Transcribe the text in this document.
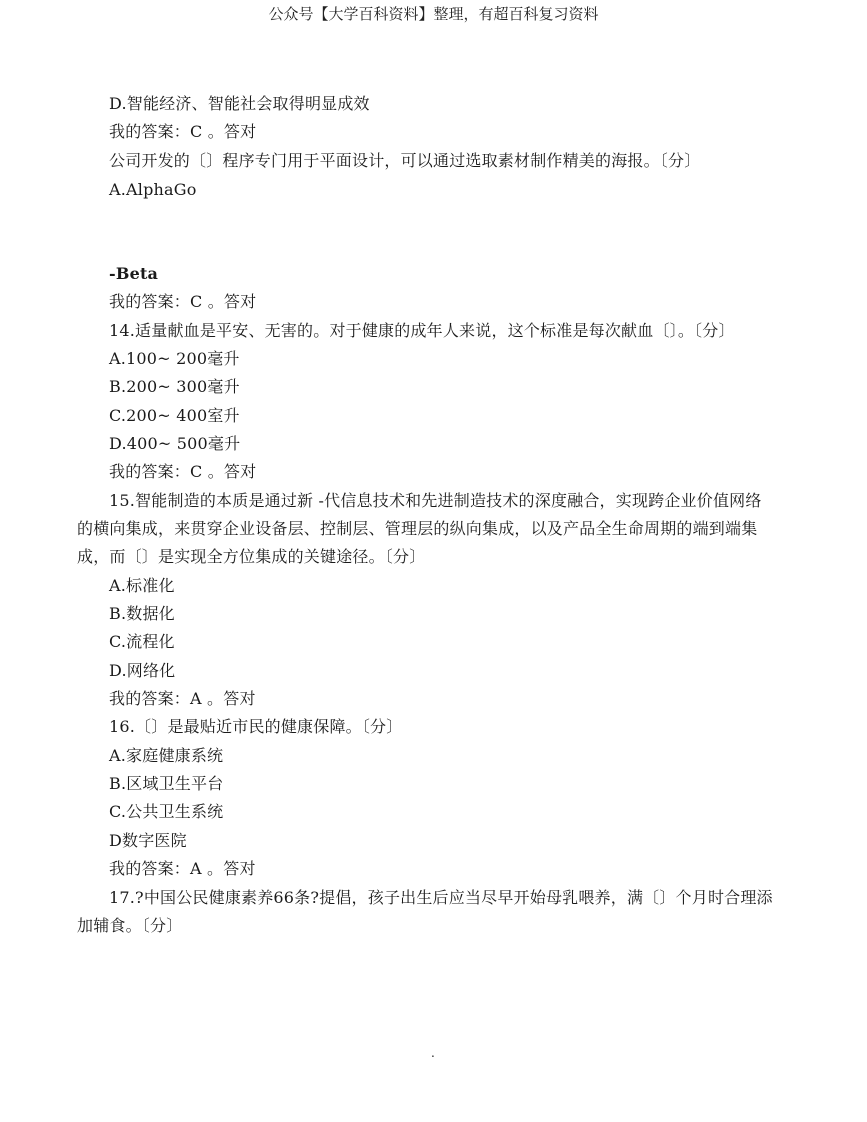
公众号【大学百科资料】整理，有超百科复习资料
D.智能经济、智能社会取得明显成效
我的答案：C 。答对
公司开发的〔〕程序专门用于平面设计，可以通过选取素材制作精美的海报。〔分〕
A.AlphaGo
-Beta
我的答案：C 。答对
14.适量献血是平安、无害的。对于健康的成年人来说，这个标准是每次献血〔〕。〔分〕
A.100~ 200毫升
B.200~ 300毫升
C.200~ 400室升
D.400~ 500毫升
我的答案：C 。答对
15.智能制造的本质是通过新 -代信息技术和先进制造技术的深度融合，实现跨企业价值网络
的横向集成，来贯穿企业设备层、控制层、管理层的纵向集成，以及产品全生命周期的端到端集
成，而〔〕是实现全方位集成的关键途径。〔分〕
A.标准化
B.数据化
C.流程化
D.网络化
我的答案：A 。答对
16.〔〕是最贴近市民的健康保障。〔分〕
A.家庭健康系统
B.区域卫生平台
C.公共卫生系统
D数字医院
我的答案：A 。答对
17.?中国公民健康素养66条?提倡，孩子出生后应当尽早开始母乳喂养，满〔〕个月时合理添
加辅食。〔分〕
.
